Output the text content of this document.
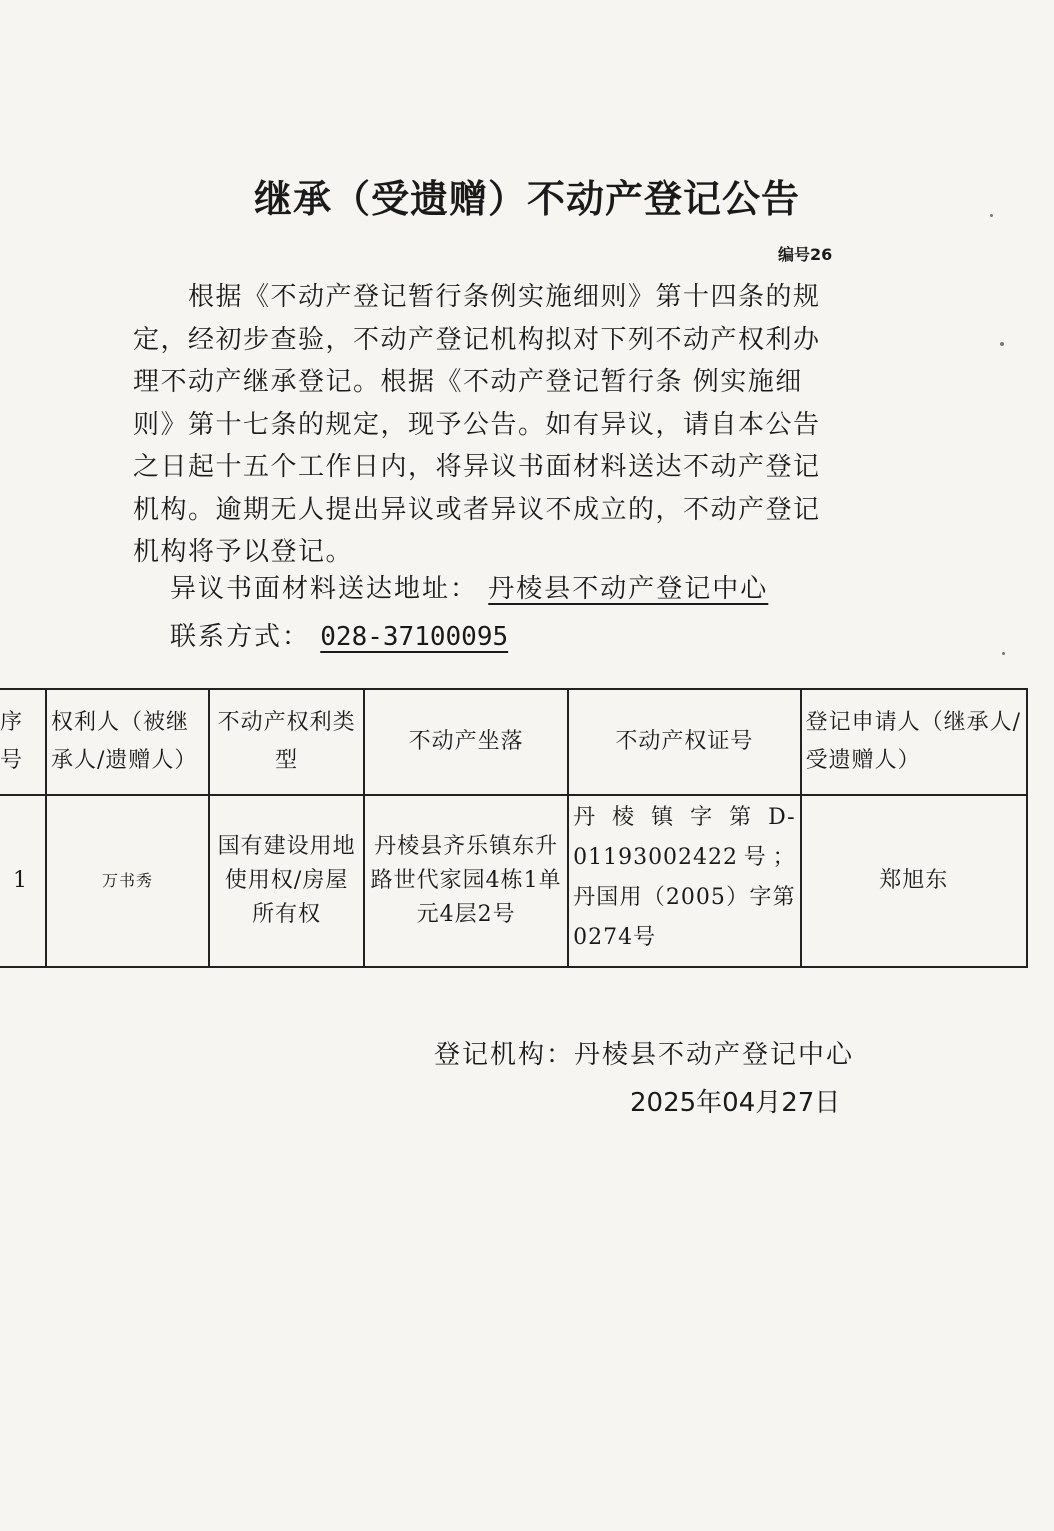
继承（受遗赠）不动产登记公告
编号26
　　根据《不动产登记暂行条例实施细则》第十四条的规
定，经初步查验，不动产登记机构拟对下列不动产权利办
理不动产继承登记。根据《不动产登记暂行条 例实施细
则》第十七条的规定，现予公告。如有异议，请自本公告
之日起十五个工作日内，将异议书面材料送达不动产登记
机构。逾期无人提出异议或者异议不成立的，不动产登记
机构将予以登记。
异议书面材料送达地址： 丹棱县不动产登记中心
联系方式： 028-37100095
序号	权利人（被继承人/遗赠人）	不动产权利类型	不动产坐落	不动产权证号	登记申请人（继承人/受遗赠人）
1	万书秀	国有建设用地使用权/房屋所有权	丹棱县齐乐镇东升路世代家园4栋1单元4层2号	丹棱镇字第D-01193002422号；丹国用（2005）字第0274号	郑旭东
登记机构：丹棱县不动产登记中心
2025年04月27日
